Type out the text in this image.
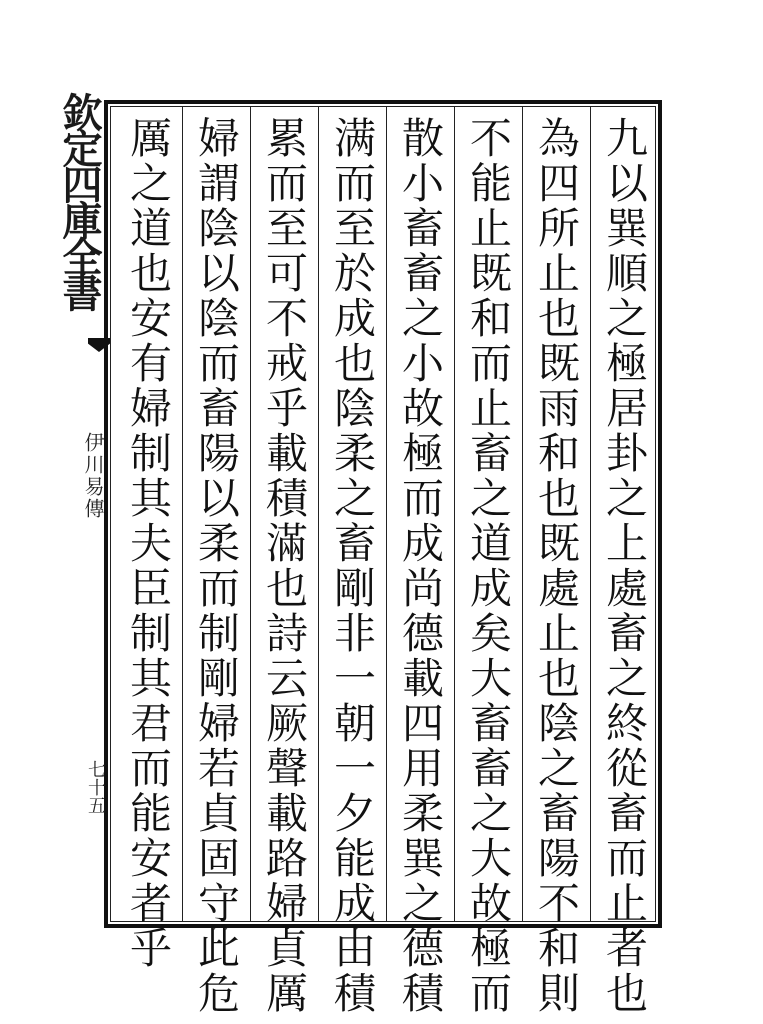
九以巽順之極居卦之上處畜之終從畜而止者也
為四所止也既雨和也既處止也陰之畜陽不和則
不能止既和而止畜之道成矣大畜畜之大故極而
散小畜畜之小故極而成尚德載四用柔巽之德積
满而至於成也陰柔之畜剛非一朝一夕能成由積
累而至可不戒乎載積滿也詩云厥聲載路婦貞厲
婦謂陰以陰而畜陽以柔而制剛婦若貞固守此危
厲之道也安有婦制其夫臣制其君而能安者乎
欽定四庫全書
伊川易傳
七十五
